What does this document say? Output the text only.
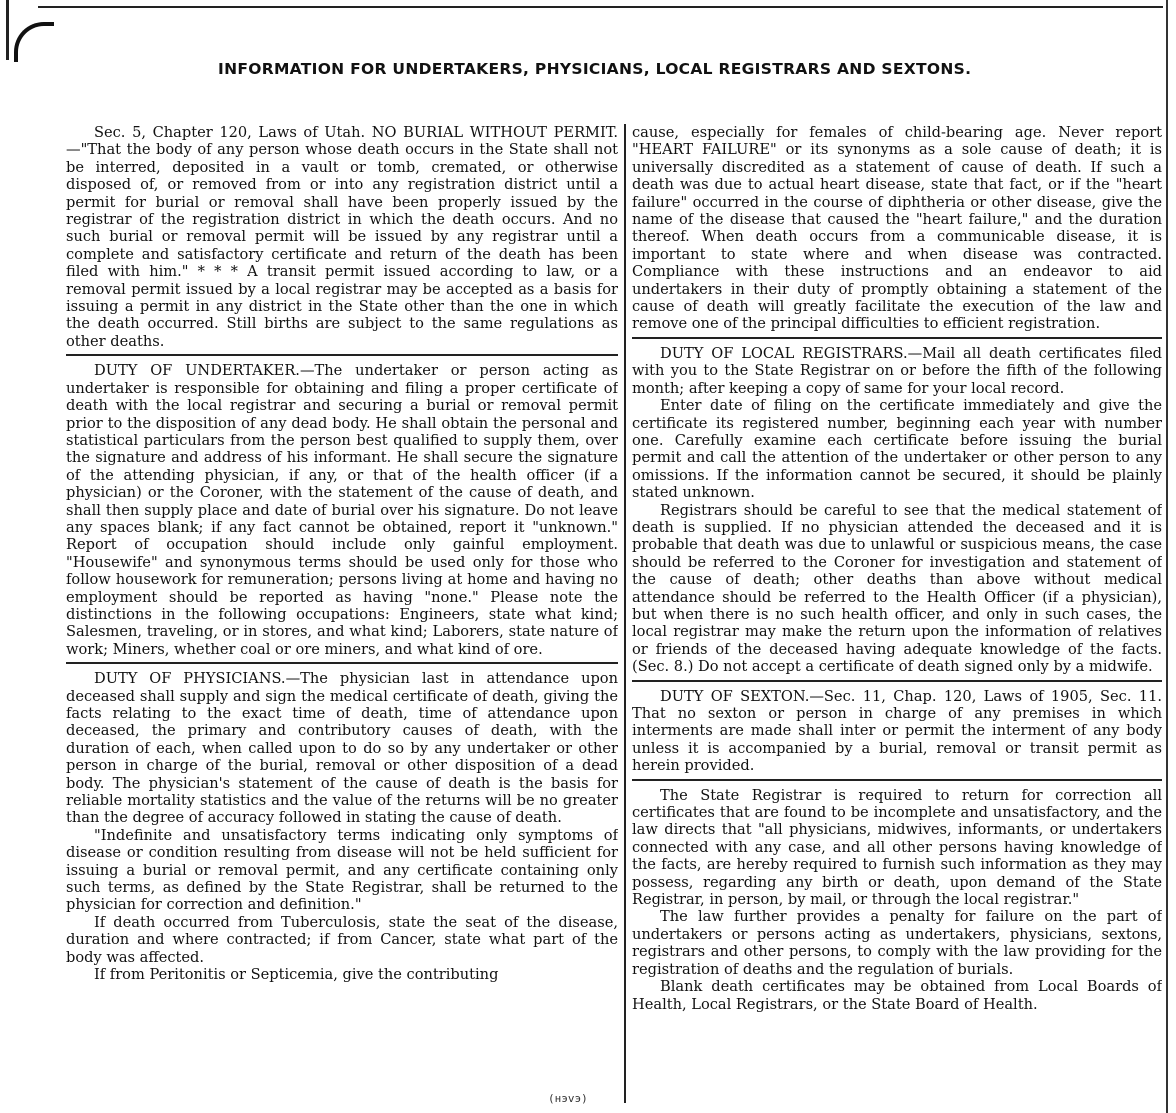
INFORMATION FOR UNDERTAKERS, PHYSICIANS, LOCAL REGISTRARS AND SEXTONS.

Sec. 5, Chapter 120, Laws of Utah. NO BURIAL WITHOUT PERMIT.—"That the body of any person whose death occurs in the State shall not be interred, deposited in a vault or tomb, cremated, or otherwise disposed of, or removed from or into any registration district until a permit for burial or removal shall have been properly issued by the registrar of the registration district in which the death occurs. And no such burial or removal permit will be issued by any registrar until a complete and satisfactory certificate and return of the death has been filed with him." * * * A transit permit issued according to law, or a removal permit issued by a local registrar may be accepted as a basis for issuing a permit in any district in the State other than the one in which the death occurred. Still births are subject to the same regulations as other deaths.

DUTY OF UNDERTAKER.—The undertaker or person acting as undertaker is responsible for obtaining and filing a proper certificate of death with the local registrar and securing a burial or removal permit prior to the disposition of any dead body. He shall obtain the personal and statistical particulars from the person best qualified to supply them, over the signature and address of his informant. He shall secure the signature of the attending physician, if any, or that of the health officer (if a physician) or the Coroner, with the statement of the cause of death, and shall then supply place and date of burial over his signature. Do not leave any spaces blank; if any fact cannot be obtained, report it "unknown." Report of occupation should include only gainful employment. "Housewife" and synonymous terms should be used only for those who follow housework for remuneration; persons living at home and having no employment should be reported as having "none." Please note the distinctions in the following occupations: Engineers, state what kind; Salesmen, traveling, or in stores, and what kind; Laborers, state nature of work; Miners, whether coal or ore miners, and what kind of ore.

DUTY OF PHYSICIANS.—The physician last in attendance upon deceased shall supply and sign the medical certificate of death, giving the facts relating to the exact time of death, time of attendance upon deceased, the primary and contributory causes of death, with the duration of each, when called upon to do so by any undertaker or other person in charge of the burial, removal or other disposition of a dead body. The physician's statement of the cause of death is the basis for reliable mortality statistics and the value of the returns will be no greater than the degree of accuracy followed in stating the cause of death.

"Indefinite and unsatisfactory terms indicating only symptoms of disease or condition resulting from disease will not be held sufficient for issuing a burial or removal permit, and any certificate containing only such terms, as defined by the State Registrar, shall be returned to the physician for correction and definition."

If death occurred from Tuberculosis, state the seat of the disease, duration and where contracted; if from Cancer, state what part of the body was affected.

If from Peritonitis or Septicemia, give the contributing

cause, especially for females of child-bearing age. Never report "HEART FAILURE" or its synonyms as a sole cause of death; it is universally discredited as a statement of cause of death. If such a death was due to actual heart disease, state that fact, or if the "heart failure" occurred in the course of diphtheria or other disease, give the name of the disease that caused the "heart failure," and the duration thereof. When death occurs from a communicable disease, it is important to state where and when disease was contracted. Compliance with these instructions and an endeavor to aid undertakers in their duty of promptly obtaining a statement of the cause of death will greatly facilitate the execution of the law and remove one of the principal difficulties to efficient registration.

DUTY OF LOCAL REGISTRARS.—Mail all death certificates filed with you to the State Registrar on or before the fifth of the following month; after keeping a copy of same for your local record.

Enter date of filing on the certificate immediately and give the certificate its registered number, beginning each year with number one. Carefully examine each certificate before issuing the burial permit and call the attention of the undertaker or other person to any omissions. If the information cannot be secured, it should be plainly stated unknown.

Registrars should be careful to see that the medical statement of death is supplied. If no physician attended the deceased and it is probable that death was due to unlawful or suspicious means, the case should be referred to the Coroner for investigation and statement of the cause of death; other deaths than above without medical attendance should be referred to the Health Officer (if a physician), but when there is no such health officer, and only in such cases, the local registrar may make the return upon the information of relatives or friends of the deceased having adequate knowledge of the facts. (Sec. 8.) Do not accept a certificate of death signed only by a midwife.

DUTY OF SEXTON.—Sec. 11, Chap. 120, Laws of 1905, Sec. 11. That no sexton or person in charge of any premises in which interments are made shall inter or permit the interment of any body unless it is accompanied by a burial, removal or transit permit as herein provided.

The State Registrar is required to return for correction all certificates that are found to be incomplete and unsatisfactory, and the law directs that "all physicians, midwives, informants, or undertakers connected with any case, and all other persons having knowledge of the facts, are hereby required to furnish such information as they may possess, regarding any birth or death, upon demand of the State Registrar, in person, by mail, or through the local registrar."

The law further provides a penalty for failure on the part of undertakers or persons acting as undertakers, physicians, sextons, registrars and other persons, to comply with the law providing for the registration of deaths and the regulation of burials.

Blank death certificates may be obtained from Local Boards of Health, Local Registrars, or the State Board of Health.

(нэvэ)
